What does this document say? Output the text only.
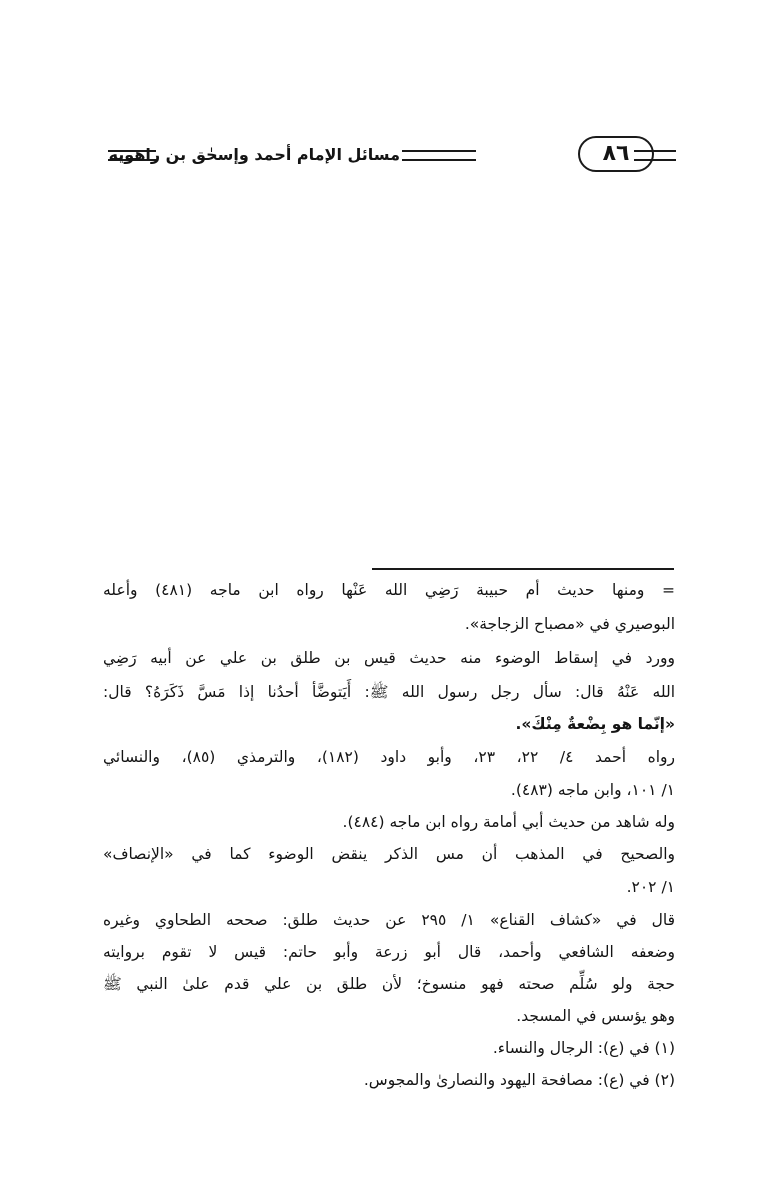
مسائل الإمام أحمد وإسحٰق بن راهويه	٨٦
= ومنها حديث أم حبيبة رَضِي الله عَنْها رواه ابن ماجه (٤٨١) وأعله
البوصيري في «مصباح الزجاجة».
وورد في إسقاط الوضوء منه حديث قيس بن طلق بن علي عن أبيه رَضِي
الله عَنْهُ قال: سأل رجل رسول الله ﷺ: أَيَتوضَّأ أحدُنا إذا مَسَّ ذَكَرَهُ؟ قال:
«إنّما هو بِضْعةٌ مِنْكَ».
رواه أحمد ٤/ ٢٢، ٢٣، وأبو داود (١٨٢)، والترمذي (٨٥)، والنسائي
١/ ١٠١، وابن ماجه (٤٨٣).
وله شاهد من حديث أبي أمامة رواه ابن ماجه (٤٨٤).
والصحيح في المذهب أن مس الذكر ينقض الوضوء كما في «الإنصاف»
١/ ٢٠٢.
قال في «كشاف القناع» ١/ ٢٩٥ عن حديث طلق: صححه الطحاوي وغيره
وضعفه الشافعي وأحمد، قال أبو زرعة وأبو حاتم: قيس لا تقوم بروايته
حجة ولو سُلِّم صحته فهو منسوخ؛ لأن طلق بن علي قدم علىٰ النبي ﷺ
وهو يؤسس في المسجد.
(١) في (ع): الرجال والنساء.
(٢) في (ع): مصافحة اليهود والنصارىٰ والمجوس.
